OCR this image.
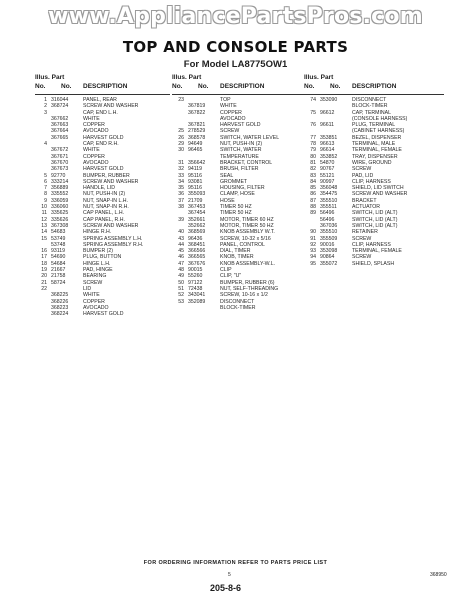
www.AppliancePartsPros.com
TOP AND CONSOLE PARTS
For Model LA8775OW1
Illus. Part
No. No. DESCRIPTION
1 316044	PANEL, REAR
2 368724	SCREW AND WASHER
3	CAP, END L.H.
367662	WHITE
367663	COPPER
367664	AVOCADO
367665	HARVEST GOLD
4	CAP, END R.H.
367672	WHITE
367671	COPPER
367670	AVOCADO
367673	HARVEST GOLD
5 92770	BUMPER, RUBBER
6 333214	SCREW AND WASHER
7 356889	HANDLE, LID
8 335552	NUT, PUSH-IN (2)
9 336059	NUT, SNAP-IN L.H.
10 336060	NUT, SNAP-IN R.H.
11 335625	CAP PANEL, L.H.
12 335626	CAP PANEL, R.H.
13 367308	SCREW AND WASHER
14 54683	HINGE R.H.
15 53749	SPRING ASSEMBLY L.H.
53748	SPRING ASSEMBLY R.H.
16 93119	BUMPER (2)
17 54690	PLUG, BUTTON
18 54684	HINGE L.H.
19 21667	PAD, HINGE
20 21758	BEARING
21 58724	SCREW
22	LID
368225	WHITE
368226	COPPER
368223	AVOCADO
368224	HARVEST GOLD
Illus. Part
No. No. DESCRIPTION
23	TOP
367819	WHITE
367822	COPPER
AVOCADO
367821	HARVEST GOLD
25 278529	SCREW
26 368578	SWITCH, WATER LEVEL
29 94649	NUT, PUSH-IN (2)
30 96465	SWITCH, WATER
TEMPERATURE
31 356642	BRACKET, CONTROL
32 94119	BRUSH, FILTER
33 95116	SEAL
34 93081	GROMMET
35 95116	HOUSING, FILTER
36 355093	CLAMP, HOSE
37 21709	HOSE
38 367453	TIMER 50 HZ
367454	TIMER 50 HZ
39 352661	MOTOR, TIMER 60 HZ
352662	MOTOR, TIMER 50 HZ
40 368569	KNOB ASSEMBLY W.T.
43 96436	SCREW, 10-32 x 5/16
44 368451	PANEL, CONTROL
45 366566	DIAL, TIMER
46 366565	KNOB, TIMER
47 367676	KNOB ASSEMBLY-W.L.
48 90015	CLIP
49 55260	CLIP, "U"
50 97122	BUMPER, RUBBER (6)
51 72438	NUT, SELF-THREADING
52 343041	SCREW, 10-16 x 1/2
53 352089	DISCONNECT
BLOCK-TIMER
Illus. Part
No. No. DESCRIPTION
74 353090	DISCONNECT
BLOCK-TIMER
75 96612	CAP, TERMINAL
(CONSOLE HARNESS)
76 96611	PLUG, TERMINAL
(CABINET HARNESS)
77 353851	BEZEL, DISPENSER
78 96613	TERMINAL, MALE
79 96614	TERMINAL, FEMALE
80 353852	TRAY, DISPENSER
81 54870	WIRE, GROUND
82 90767	SCREW
83 55121	PAD, LID
84 90997	CLIP, HARNESS
85 356048	SHIELD, LID SWITCH
86 354475	SCREW AND WASHER
87 355510	BRACKET
88 355511	ACTUATOR
89 56496	SWITCH, LID (ALT)
56496	SWITCH, LID (ALT)
367036	SWITCH, LID (ALT)
90 355510	RETAINER
91 355509	SCREW
92 90016	CLIP, HARNESS
93 353098	TERMINAL, FEMALE
94 90864	SCREW
95 355072	SHIELD, SPLASH
FOR ORDERING INFORMATION REFER TO PARTS PRICE LIST
5
205-8-6
368950
